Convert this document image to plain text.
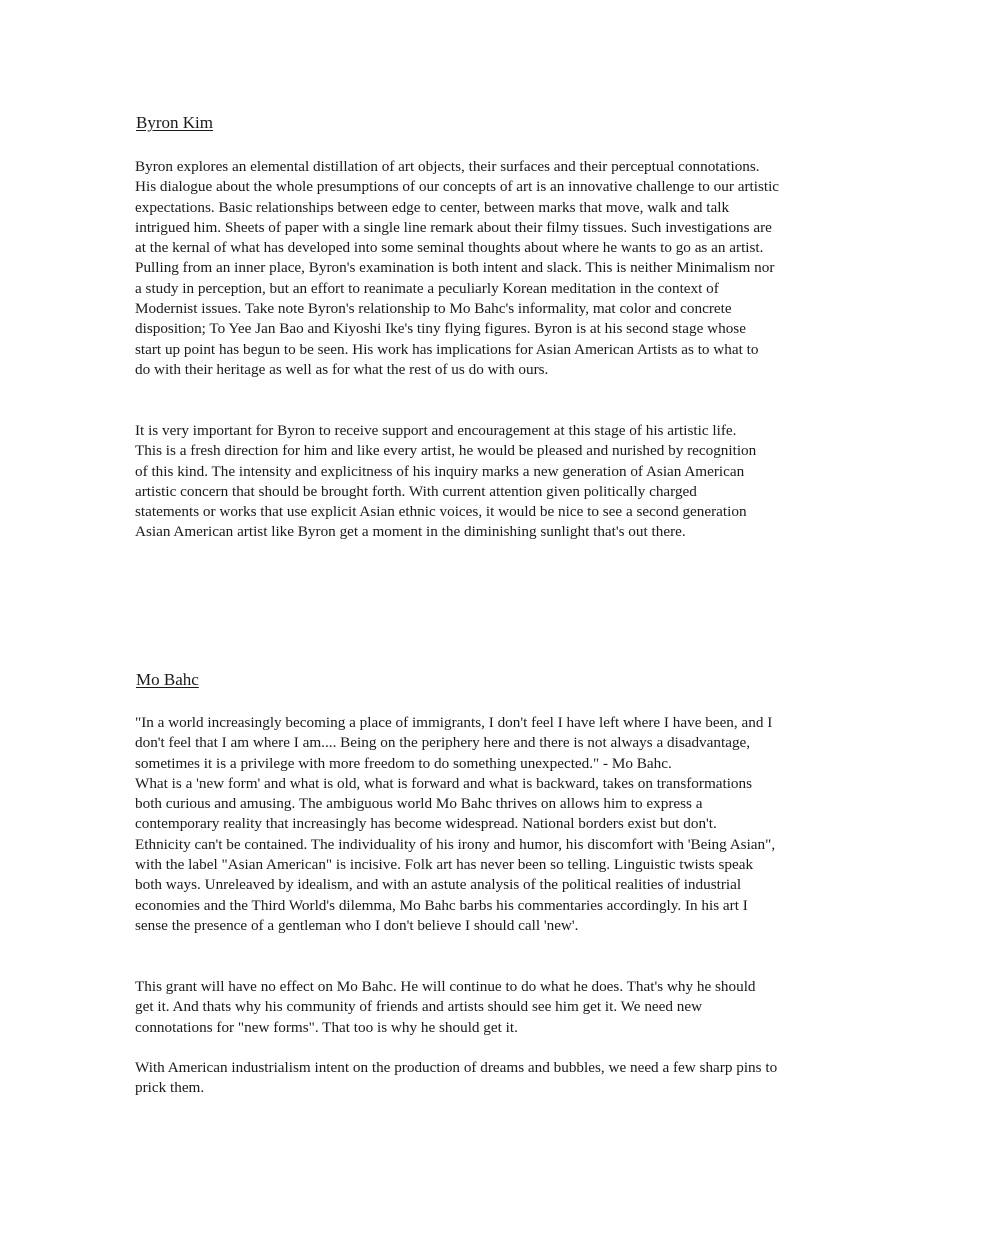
Byron Kim
Byron explores an elemental distillation of art objects, their surfaces and their perceptual connotations.
His dialogue about the whole presumptions of our concepts of art is an innovative challenge to our artistic
expectations. Basic relationships between edge to center, between marks that move, walk and talk
intrigued him. Sheets of paper with a single line remark about their filmy tissues. Such investigations are
at the kernal of what has developed into some seminal thoughts about where he wants to go as an artist.
Pulling from an inner place, Byron's examination is both intent and slack. This is neither Minimalism nor
a study in perception, but an effort to reanimate a peculiarly Korean meditation in the context of
Modernist issues. Take note Byron's relationship to Mo Bahc's informality, mat color and concrete
disposition; To Yee Jan Bao and Kiyoshi Ike's tiny flying figures. Byron is at his second stage whose
start up point has begun to be seen. His work has implications for Asian American Artists as to what to
do with their heritage as well as for what the rest of us do with ours.
It is very important for Byron to receive support and encouragement at this stage of his artistic life.
This is a fresh direction for him and like every artist, he would be pleased and nurished by recognition
of this kind. The intensity and explicitness of his inquiry marks a new generation of Asian American
artistic concern that should be brought forth. With current attention given politically charged
statements or works that use explicit Asian ethnic voices, it would be nice to see a second generation
Asian American artist like Byron get a moment in the diminishing sunlight that's out there.
Mo Bahc
"In a world increasingly becoming a place of immigrants, I don't feel I have left where I have been, and I
don't feel that I am where I am.... Being on the periphery here and there is not always a disadvantage,
sometimes it is a privilege with more freedom to do something unexpected." - Mo Bahc.
What is a 'new form' and what is old, what is forward and what is backward, takes on transformations
both curious and amusing. The ambiguous world Mo Bahc thrives on allows him to express a
contemporary reality that increasingly has become widespread. National borders exist but don't.
Ethnicity can't be contained. The individuality of his irony and humor, his discomfort with 'Being Asian",
with the label "Asian American" is incisive. Folk art has never been so telling. Linguistic twists speak
both ways. Unreleaved by idealism, and with an astute analysis of the political realities of industrial
economies and the Third World's dilemma, Mo Bahc barbs his commentaries accordingly. In his art I
sense the presence of a gentleman who I don't believe I should call 'new'.
This grant will have no effect on Mo Bahc. He will continue to do what he does. That's why he should
get it. And thats why his community of friends and artists should see him get it. We need new
connotations for "new forms". That too is why he should get it.
With American industrialism intent on the production of dreams and bubbles, we need a few sharp pins to
prick them.
